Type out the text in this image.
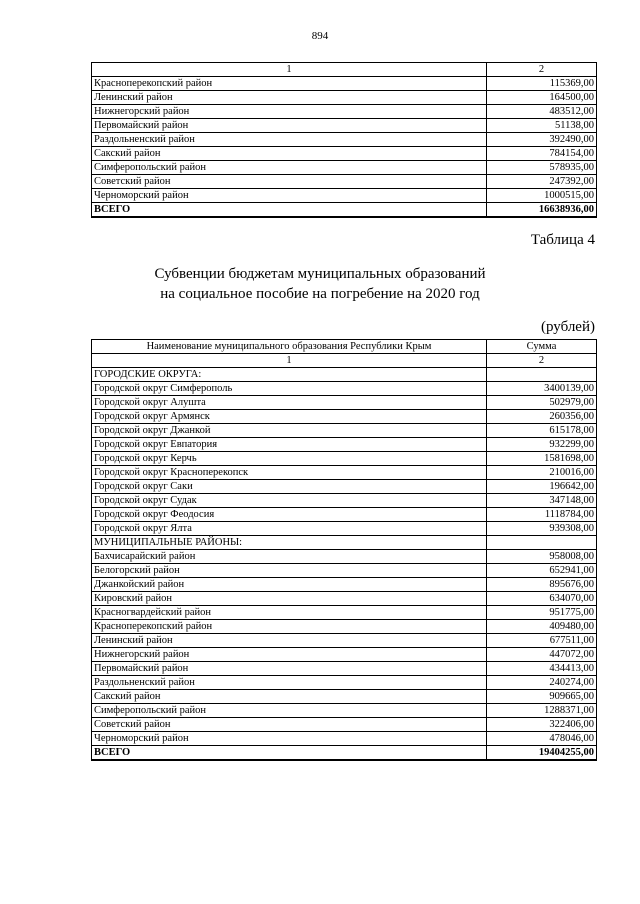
894
1	2
Красноперекопский район	115369,00
Ленинский район	164500,00
Нижнегорский район	483512,00
Первомайский район	51138,00
Раздольненский район	392490,00
Сакский район	784154,00
Симферопольский район	578935,00
Советский район	247392,00
Черноморский район	1000515,00
ВСЕГО	16638936,00
Таблица 4
Субвенции бюджетам муниципальных образований
на социальное пособие на погребение на 2020 год
(рублей)
Наименование муниципального образования Республики Крым	Сумма
1	2
ГОРОДСКИЕ ОКРУГА:	
Городской округ Симферополь	3400139,00
Городской округ Алушта	502979,00
Городской округ Армянск	260356,00
Городской округ Джанкой	615178,00
Городской округ Евпатория	932299,00
Городской округ Керчь	1581698,00
Городской округ Красноперекопск	210016,00
Городской округ Саки	196642,00
Городской округ Судак	347148,00
Городской округ Феодосия	1118784,00
Городской округ Ялта	939308,00
МУНИЦИПАЛЬНЫЕ РАЙОНЫ:	
Бахчисарайский район	958008,00
Белогорский район	652941,00
Джанкойский район	895676,00
Кировский район	634070,00
Красногвардейский район	951775,00
Красноперекопский район	409480,00
Ленинский район	677511,00
Нижнегорский район	447072,00
Первомайский район	434413,00
Раздольненский район	240274,00
Сакский район	909665,00
Симферопольский район	1288371,00
Советский район	322406,00
Черноморский район	478046,00
ВСЕГО	19404255,00
